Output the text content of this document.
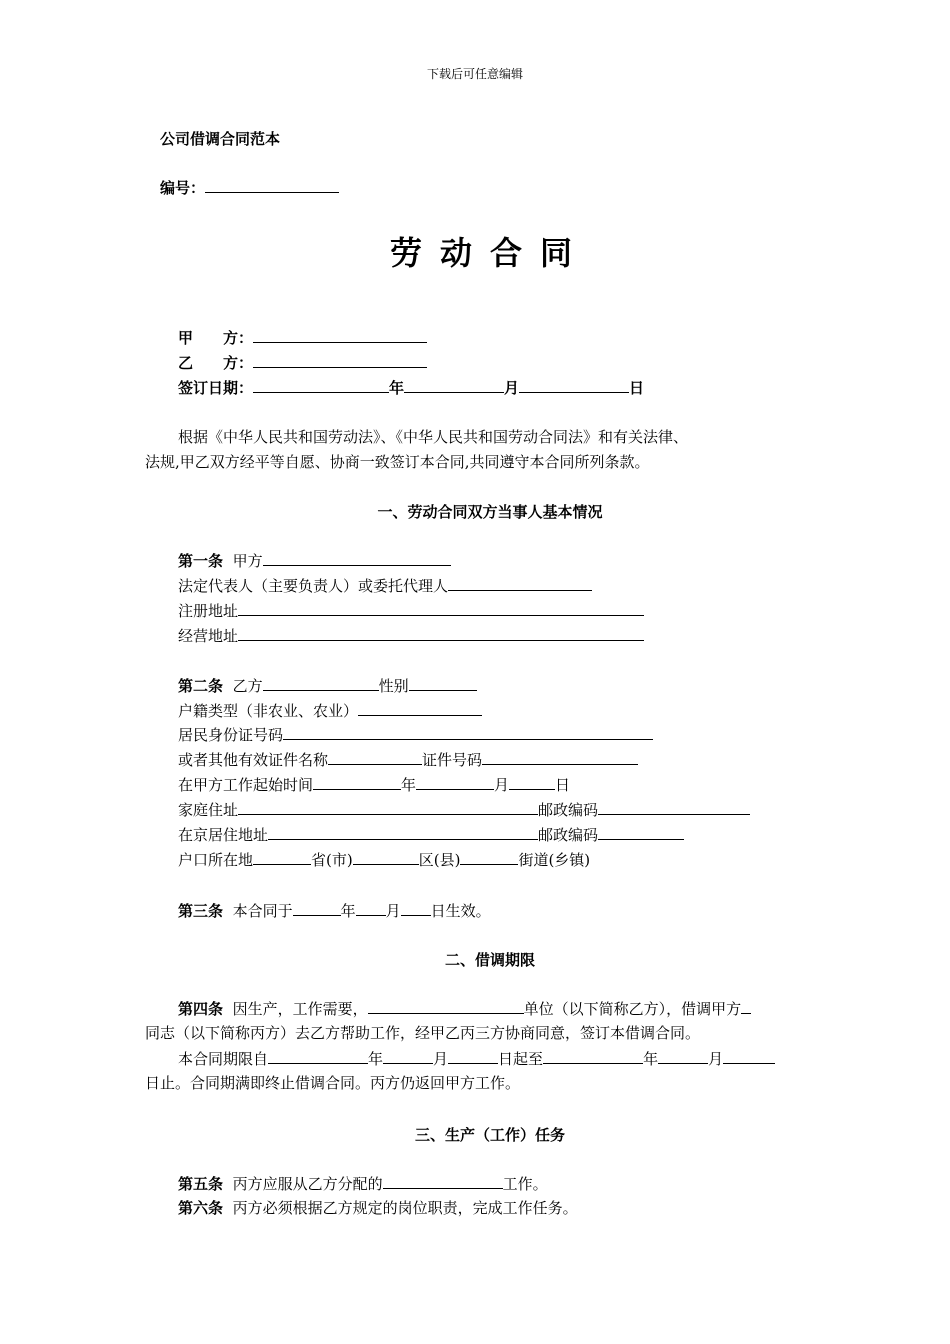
下载后可任意编辑
公司借调合同范本
编号：
劳动合同
甲　　方：
乙　　方：
签订日期：	年	月	日
根据《中华人民共和国劳动法》、《中华人民共和国劳动合同法》和有关法律、
法规,甲乙双方经平等自愿、协商一致签订本合同,共同遵守本合同所列条款。
一、劳动合同双方当事人基本情况
第一条 甲方
法定代表人（主要负责人）或委托代理人
注册地址
经营地址
第二条 乙方	性别
户籍类型（非农业、农业）
居民身份证号码
或者其他有效证件名称	证件号码
在甲方工作起始时间	年	月	日
家庭住址	邮政编码
在京居住地址	邮政编码
户口所在地	省(市)	区(县)	街道(乡镇)
第三条 本合同于	年 月 日生效。
二、借调期限
第四条 因生产，工作需要，	单位（以下简称乙方），借调甲方
同志（以下简称丙方）去乙方帮助工作，经甲乙丙三方协商同意，签订本借调合同。
本合同期限自	年	月	日起至	年	月
日止。合同期满即终止借调合同。丙方仍返回甲方工作。
三、生产（工作）任务
第五条 丙方应服从乙方分配的	工作。
第六条 丙方必须根据乙方规定的岗位职责，完成工作任务。
